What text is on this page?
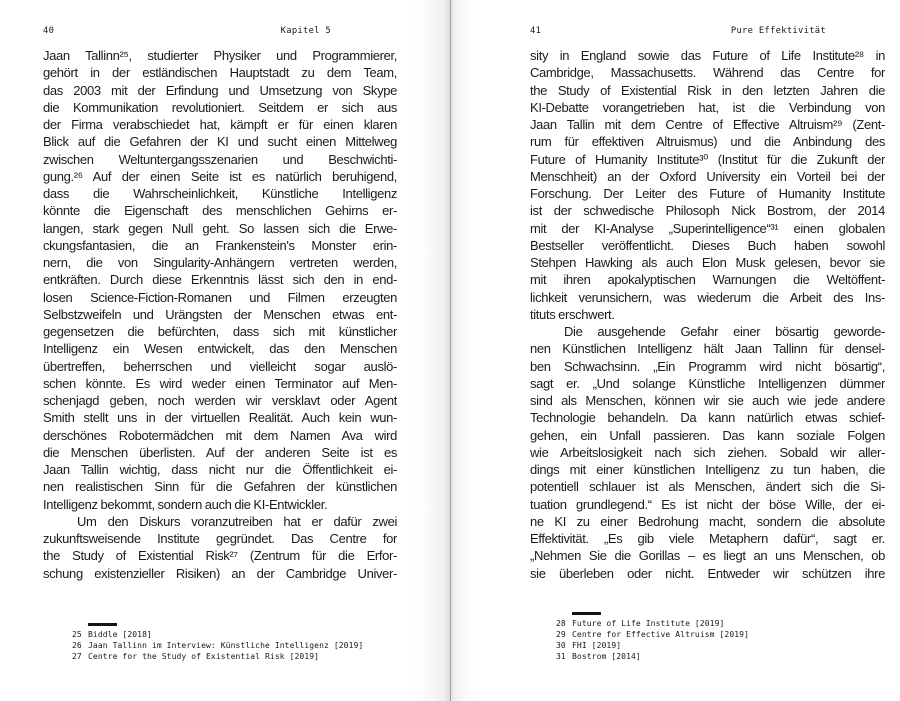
40	Kapitel 5
Jaan Tallinn²⁵, studierter Physiker und Programmierer,
gehört in der estländischen Hauptstadt zu dem Team,
das 2003 mit der Erfindung und Umsetzung von Skype
die Kommunikation revolutioniert. Seitdem er sich aus
der Firma verabschiedet hat, kämpft er für einen klaren
Blick auf die Gefahren der KI und sucht einen Mittelweg
zwischen Weltuntergangsszenarien und Beschwichti-
gung.²⁶ Auf der einen Seite ist es natürlich beruhigend,
dass die Wahrscheinlichkeit, Künstliche Intelligenz
könnte die Eigenschaft des menschlichen Gehirns er-
langen, stark gegen Null geht. So lassen sich die Erwe-
ckungsfantasien, die an Frankenstein's Monster erin-
nern, die von Singularity-Anhängern vertreten werden,
entkräften. Durch diese Erkenntnis lässt sich den in end-
losen Science-Fiction-Romanen und Filmen erzeugten
Selbstzweifeln und Urängsten der Menschen etwas ent-
gegensetzen die befürchten, dass sich mit künstlicher
Intelligenz ein Wesen entwickelt, das den Menschen
übertreffen, beherrschen und vielleicht sogar auslö-
schen könnte. Es wird weder einen Terminator auf Men-
schenjagd geben, noch werden wir versklavt oder Agent
Smith stellt uns in der virtuellen Realität. Auch kein wun-
derschönes Robotermädchen mit dem Namen Ava wird
die Menschen überlisten. Auf der anderen Seite ist es
Jaan Tallin wichtig, dass nicht nur die Öffentlichkeit ei-
nen realistischen Sinn für die Gefahren der künstlichen
Intelligenz bekommt, sondern auch die KI-Entwickler.
Um den Diskurs voranzutreiben hat er dafür zwei
zukunftsweisende Institute gegründet. Das Centre for
the Study of Existential Risk²⁷ (Zentrum für die Erfor-
schung existenzieller Risiken) an der Cambridge Univer-
25 Biddle [2018]
26 Jaan Tallinn im Interview: Künstliche Intelligenz [2019]
27 Centre for the Study of Existential Risk [2019]
41	Pure Effektivität
sity in England sowie das Future of Life Institute²⁸ in
Cambridge, Massachusetts. Während das Centre for
the Study of Existential Risk in den letzten Jahren die
KI-Debatte vorangetrieben hat, ist die Verbindung von
Jaan Tallin mit dem Centre of Effective Altruism²⁹ (Zent-
rum für effektiven Altruismus) und die Anbindung des
Future of Humanity Institute³⁰ (Institut für die Zukunft der
Menschheit) an der Oxford University ein Vorteil bei der
Forschung. Der Leiter des Future of Humanity Institute
ist der schwedische Philosoph Nick Bostrom, der 2014
mit der KI-Analyse „Superintelligence“³¹ einen globalen
Bestseller veröffentlicht. Dieses Buch haben sowohl
Stehpen Hawking als auch Elon Musk gelesen, bevor sie
mit ihren apokalyptischen Warnungen die Weltöffent-
lichkeit verunsichern, was wiederum die Arbeit des Ins-
tituts erschwert.
Die ausgehende Gefahr einer bösartig geworde-
nen Künstlichen Intelligenz hält Jaan Tallinn für densel-
ben Schwachsinn. „Ein Programm wird nicht bösartig“,
sagt er. „Und solange Künstliche Intelligenzen dümmer
sind als Menschen, können wir sie auch wie jede andere
Technologie behandeln. Da kann natürlich etwas schief-
gehen, ein Unfall passieren. Das kann soziale Folgen
wie Arbeitslosigkeit nach sich ziehen. Sobald wir aller-
dings mit einer künstlichen Intelligenz zu tun haben, die
potentiell schlauer ist als Menschen, ändert sich die Si-
tuation grundlegend.“ Es ist nicht der böse Wille, der ei-
ne KI zu einer Bedrohung macht, sondern die absolute
Effektivität. „Es gib viele Metaphern dafür“, sagt er.
„Nehmen Sie die Gorillas – es liegt an uns Menschen, ob
sie überleben oder nicht. Entweder wir schützen ihre
28 Future of Life Institute [2019]
29 Centre for Effective Altruism [2019]
30 FHI [2019]
31 Bostrom [2014]
